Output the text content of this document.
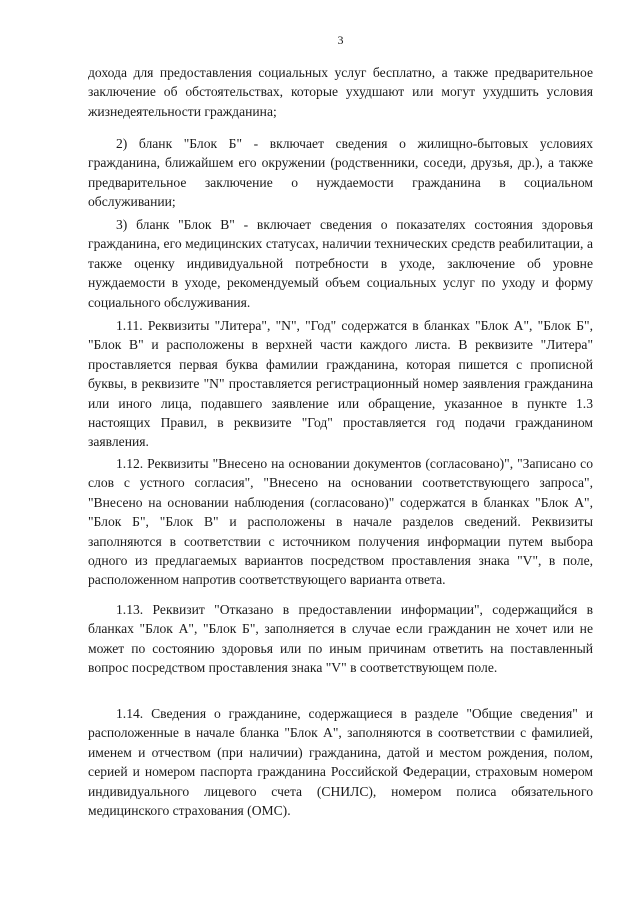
3

дохода для предоставления социальных услуг бесплатно, а также предварительное заключение об обстоятельствах, которые ухудшают или могут ухудшить условия жизнедеятельности гражданина;

2) бланк "Блок Б" - включает сведения о жилищно-бытовых условиях гражданина, ближайшем его окружении (родственники, соседи, друзья, др.), а также предварительное заключение о нуждаемости гражданина в социальном обслуживании;

3) бланк "Блок В" - включает сведения о показателях состояния здоровья гражданина, его медицинских статусах, наличии технических средств реабилитации, а также оценку индивидуальной потребности в уходе, заключение об уровне нуждаемости в уходе, рекомендуемый объем социальных услуг по уходу и форму социального обслуживания.

1.11. Реквизиты "Литера", "N", "Год" содержатся в бланках "Блок А", "Блок Б", "Блок В" и расположены в верхней части каждого листа. В реквизите "Литера" проставляется первая буква фамилии гражданина, которая пишется с прописной буквы, в реквизите "N" проставляется регистрационный номер заявления гражданина или иного лица, подавшего заявление или обращение, указанное в пункте 1.3 настоящих Правил, в реквизите "Год" проставляется год подачи гражданином заявления.

1.12. Реквизиты "Внесено на основании документов (согласовано)", "Записано со слов с устного согласия", "Внесено на основании соответствующего запроса", "Внесено на основании наблюдения (согласовано)" содержатся в бланках "Блок А", "Блок Б", "Блок В" и расположены в начале разделов сведений. Реквизиты заполняются в соответствии с источником получения информации путем выбора одного из предлагаемых вариантов посредством проставления знака "V", в поле, расположенном напротив соответствующего варианта ответа.

1.13. Реквизит "Отказано в предоставлении информации", содержащийся в бланках "Блок А", "Блок Б", заполняется в случае если гражданин не хочет или не может по состоянию здоровья или по иным причинам ответить на поставленный вопрос посредством проставления знака "V" в соответствующем поле.

1.14. Сведения о гражданине, содержащиеся в разделе "Общие сведения" и расположенные в начале бланка "Блок А", заполняются в соответствии с фамилией, именем и отчеством (при наличии) гражданина, датой и местом рождения, полом, серией и номером паспорта гражданина Российской Федерации, страховым номером индивидуального лицевого счета (СНИЛС), номером полиса обязательного медицинского страхования (ОМС).
